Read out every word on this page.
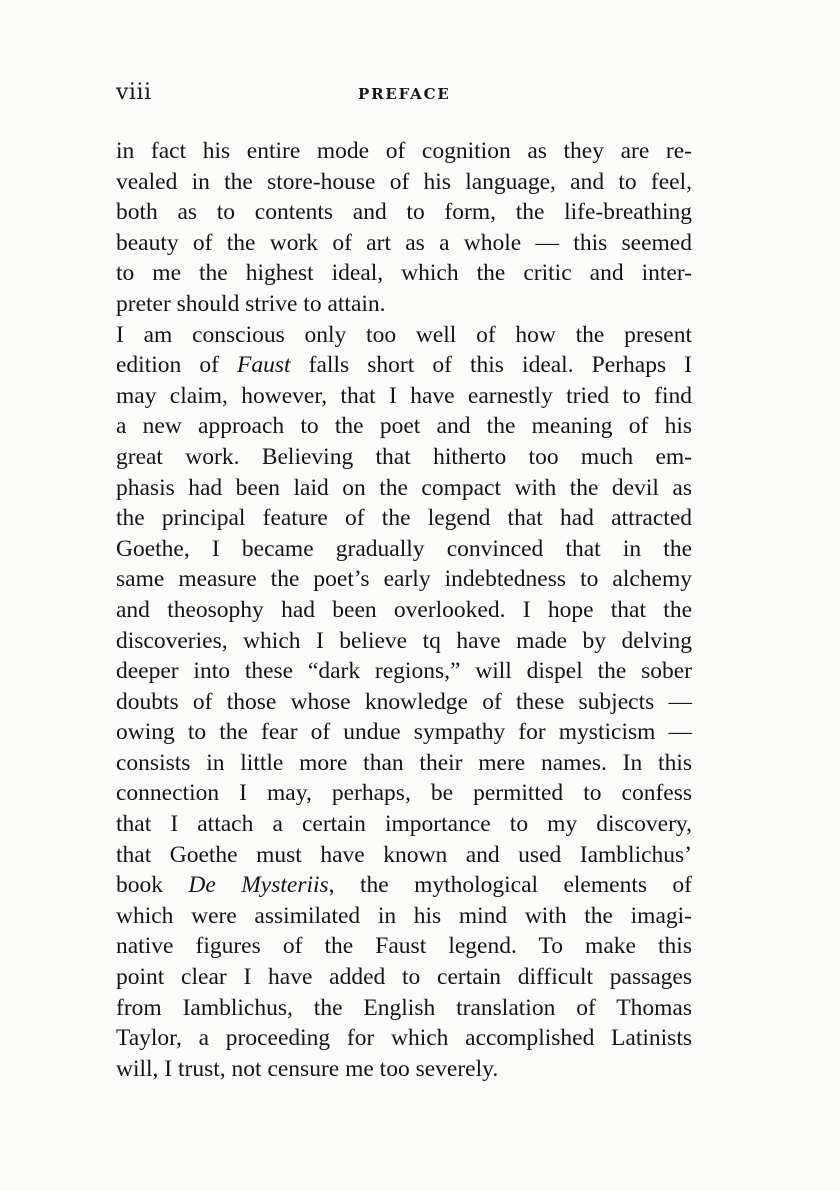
viii	PREFACE
in fact his entire mode of cognition as they are re-
vealed in the store-house of his language, and to feel,
both as to contents and to form, the life-breathing
beauty of the work of art as a whole — this seemed
to me the highest ideal, which the critic and inter-
preter should strive to attain.
I am conscious only too well of how the present
edition of Faust falls short of this ideal. Perhaps I
may claim, however, that I have earnestly tried to find
a new approach to the poet and the meaning of his
great work. Believing that hitherto too much em-
phasis had been laid on the compact with the devil as
the principal feature of the legend that had attracted
Goethe, I became gradually convinced that in the
same measure the poet’s early indebtedness to alchemy
and theosophy had been overlooked. I hope that the
discoveries, which I believe tq have made by delving
deeper into these “dark regions,” will dispel the sober
doubts of those whose knowledge of these subjects —
owing to the fear of undue sympathy for mysticism —
consists in little more than their mere names. In this
connection I may, perhaps, be permitted to confess
that I attach a certain importance to my discovery,
that Goethe must have known and used Iamblichus’
book De Mysteriis, the mythological elements of
which were assimilated in his mind with the imagi-
native figures of the Faust legend. To make this
point clear I have added to certain difficult passages
from Iamblichus, the English translation of Thomas
Taylor, a proceeding for which accomplished Latinists
will, I trust, not censure me too severely.
